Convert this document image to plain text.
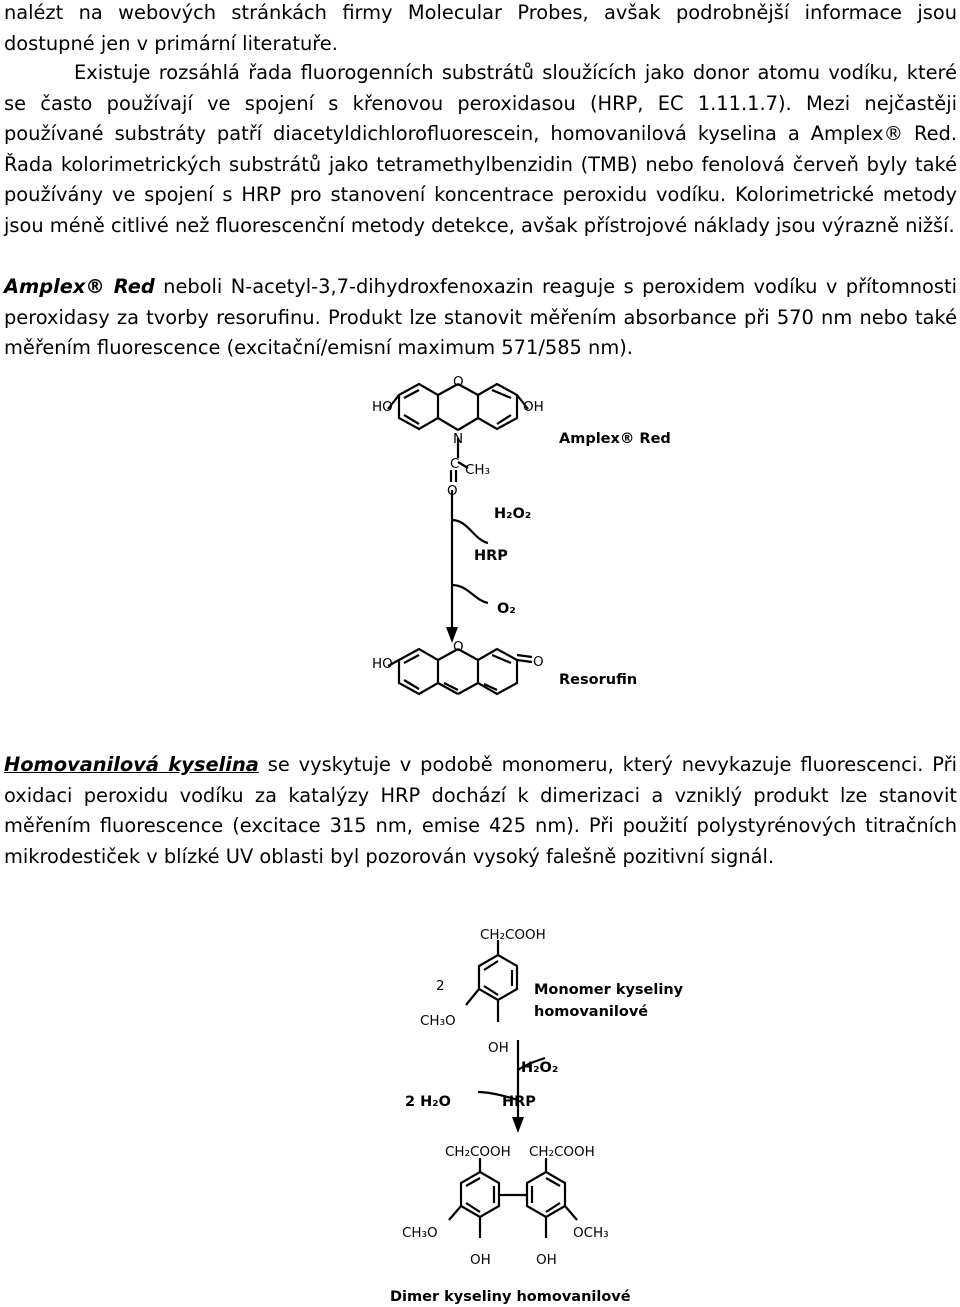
nalézt na webových stránkách firmy Molecular Probes, avšak podrobnější informace jsou dostupné jen v primární literatuře.

Existuje rozsáhlá řada fluorogenních substrátů sloužících jako donor atomu vodíku, které se často používají ve spojení s křenovou peroxidasou (HRP, EC 1.11.1.7). Mezi nejčastěji používané substráty patří diacetyldichlorofluorescein, homovanilová kyselina a Amplex® Red. Řada kolorimetrických substrátů jako tetramethylbenzidin (TMB) nebo fenolová červeň byly také používány ve spojení s HRP pro stanovení koncentrace peroxidu vodíku. Kolorimetrické metody jsou méně citlivé než fluorescenční metody detekce, avšak přístrojové náklady jsou výrazně nižší.

Amplex® Red neboli N-acetyl-3,7-dihydroxfenoxazin reaguje s peroxidem vodíku v přítomnosti peroxidasy za tvorby resorufinu. Produkt lze stanovit měřením absorbance při 570 nm nebo také měřením fluorescence (excitační/emisní maximum 571/585 nm).

HO	OH
O
N
C CH₃
O
Amplex® Red
H₂O₂
HRP
O₂
HO
O
O
Resorufin

Homovanilová kyselina se vyskytuje v podobě monomeru, který nevykazuje fluorescenci. Při oxidaci peroxidu vodíku za katalýzy HRP dochází k dimerizaci a vzniklý produkt lze stanovit měřením fluorescence (excitace 315 nm, emise 425 nm). Při použití polystyrénových titračních mikrodestiček v blízké UV oblasti byl pozorován vysoký falešně pozitivní signál.

CH₂COOH
2
CH₃O
OH
Monomer kyseliny
homovanilové
H₂O₂
HRP
2 H₂O
CH₂COOH CH₂COOH
CH₃O	OCH₃
OH	OH
Dimer kyseliny homovanilové
